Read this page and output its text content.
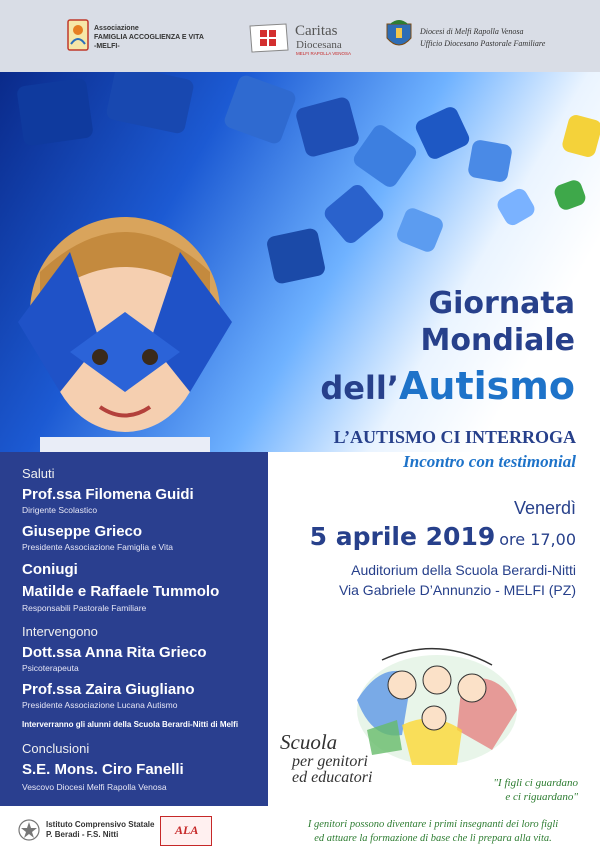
Associazione
FAMIGLIA ACCOGLIENZA E VITA
-MELFI-
Caritas
Diocesana
MELFI RAPOLLA VENOSA
Diocesi di Melfi Rapolla Venosa
Ufficio Diocesano Pastorale Familiare
Giornata
Mondiale
dell’Autismo
L’AUTISMO CI INTERROGA
Incontro con testimonial
Venerdì
5 aprile 2019 ore 17,00
Auditorium della Scuola Berardi-Nitti
Via Gabriele D’Annunzio - MELFI (PZ)
Saluti
Prof.ssa Filomena Guidi
Dirigente Scolastico
Giuseppe Grieco
Presidente Associazione Famiglia e Vita
Coniugi
Matilde e Raffaele Tummolo
Responsabili Pastorale Familiare
Intervengono
Dott.ssa Anna Rita Grieco
Psicoterapeuta
Prof.ssa Zaira Giugliano
Presidente Associazione Lucana Autismo
Interverranno gli alunni della Scuola Berardi-Nitti di Melfi
Conclusioni
S.E. Mons. Ciro Fanelli
Vescovo Diocesi Melfi Rapolla Venosa
Istituto Comprensivo Statale
P. Beradi - F.S. Nitti	ALA
Scuola
per genitori
ed educatori	"I figli ci guardano
e ci riguardano"
I genitori possono diventare i primi insegnanti dei loro figli
ed attuare la formazione di base che li prepara alla vita.
